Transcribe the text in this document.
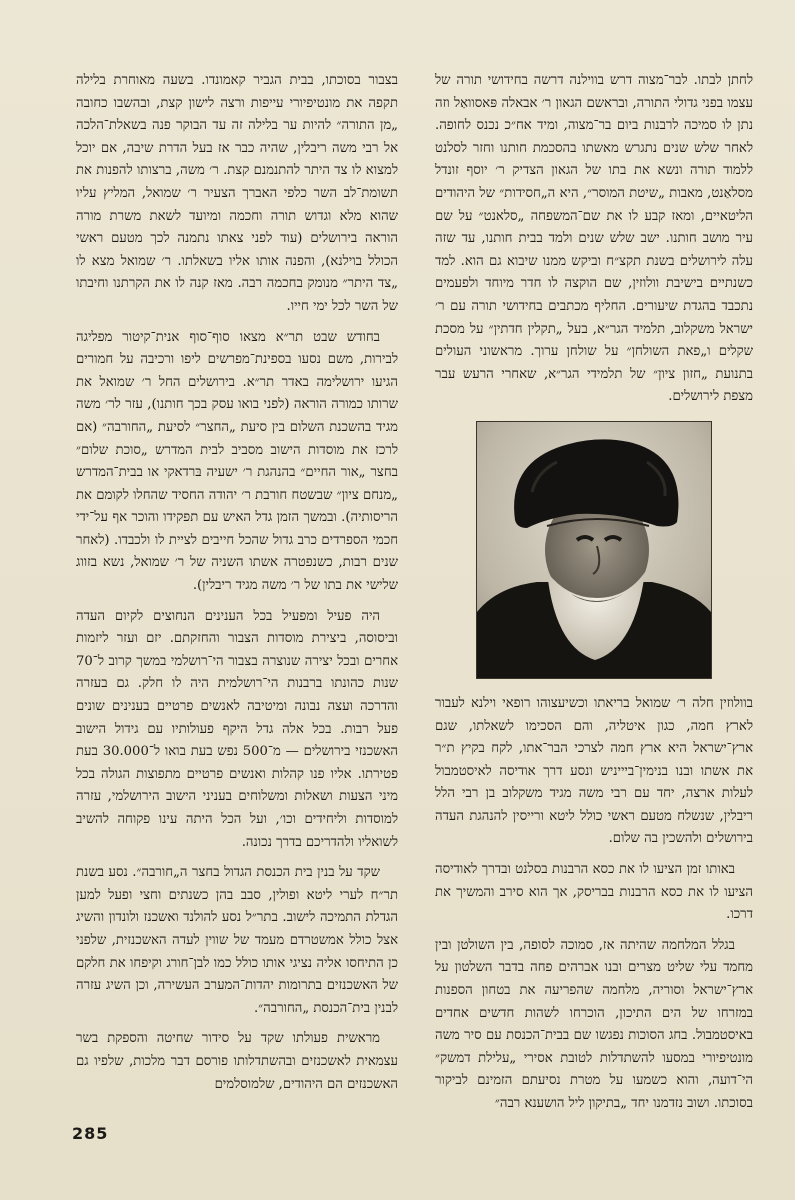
לחתן לבתו. לבר־מצוה דרש בווילנה דרשה בחידושי תורה של עצמו בפני גדולי התורה, ובראשם הגאון ר׳ אבאלה פּאסוואַל וזה נתן לו סמיכה לרבנות ביום בר־מצוה, ומיד אח״כ נכנס לחופה. לאחר שלש שנים נתגרש מאשתו בהסכמת חותנו וחזר לסלנט ללמוד תורה ונשא את בתו של הגאון הצדיק ר׳ יוסף זונדל מסלאַנט, מאבות „שיטת המוסר״, היא ה„חסידות״ של היהודים הליטאיים, ומאז קבע לו את שם־המשפחה „סלאנט״ על שם עיר מושב חותנו. ישב שלש שנים ולמד בבית חותנו, עד שזה עלה לירושלים בשנת תקצ״ח וביקש ממנו שיבוא גם הוא. למד כשנתיים בישיבת וולוזין, שם הוקצה לו חדר מיוחד ולפעמים נתכבד בהגדת שיעורים. החליף מכתבים בחידושי תורה עם ר׳ ישראל משקלוב, תלמיד הגר״א, בעל „תקלין חדתין״ על מסכת שקלים ו„פאת השולחן״ על שולחן ערוך. מראשוני העולים בתנועת „חזון ציון״ של תלמידי הגר״א, שאחרי הרעש עבר מצפת לירושלים.

בוולוזין חלה ר׳ שמואל בריאתו וכשיעצוהו רופאי וילנא לעבור לארץ חמה, כגון איטליה, והם הסכימו לשאלתו, שגם ארץ־ישראל היא ארץ חמה לצרכי הבר־אתו, לקח בקיץ ת״ר את אשתו ובנו בנימין־ביייניש ונסע דרך אודיסה לאיסטמבול לעלות ארצה, יחד עם רבי משה מגיד משקלוב בן רבי הלל ריבלין, שנשלח מטעם ראשי כולל ליטא ורייסין להנהגת העדה בירושלים ולהשכין בה שלום.

באותו זמן הציעו לו את כסא הרבנות בסלנט ובדרך לאודיסה הציעו לו את כסא הרבנות בבריסק, אך הוא סירב והמשיך את דרכו.

בגלל המלחמה שהיתה אז, סמוכה לסופה, בין השולטן ובין מחמד עלי שליט מצרים ובנו אברהים פחה בדבר השלטון על ארץ־ישראל וסוריה, מלחמה שהפריעה את בטחון הספנות במזרחו של הים התיכון, הוכרחו לשהות חדשים אחדים באיסטמבול. בחג הסוכות נפגשו שם בבית־הכנסת עם סיר משה מונטיפיורי במסעו להשתדלות לטובת אסירי „עלילת דמשק״ הי־דועה, והוא כשמעו על מטרת נסיעתם הזמינם לביקור בסוכתו. ושוב נזדמנו יחד „בתיקון ליל הושענא רבה״

בצבור בסוכתו, בבית הגביר קאמונדו. בשעה מאוחרת בלילה תקפה את מונטיפיורי עייפות ורצה לישון קצת, ובהשבו כחובה „מן התורה״ להיות ער בלילה זה עד הבוקר פנה בשאלת־הלכה אל רבי משה ריבלין, שהיה כבר אז בעל הדרת שיבה, אם יוכל למצוא לו צד היתר להתנמנם קצת. ר׳ משה, ברצותו להפנות את תשומת־לב השר כלפי האברך הצעיר ר׳ שמואל, המליץ עליו שהוא מלא וגדוש תורה וחכמה ומיועד לשאת משרת מורה הוראה בירושלים (עוד לפני צאתו נתמנה לכך מטעם ראשי הכולל בוילנא), והפנה אותו אליו בשאלתו. ר׳ שמואל מצא לו „צד היתר״ מנומק בחכמה רבה. מאז קנה לו את הקרתנו וחיבתו של השר לכל ימי חייו.

בחודש שבט תר״א מצאו סוף־סוף אנית־קיטור מפליגה לבירות, משם נסעו בספינת־מפרשים ליפו ורכיבה על חמורים הגיעו ירושלימה באדר תר״א. בירושלים החל ר׳ שמואל את שרותו כמורה הוראה (לפני בואו עסק בכך חותנו), עזר לר׳ משה מגיד בהשכנת השלום בין סיעת „החצר״ לסיעת „החורבה״ (אם לרכז את מוסדות הישוב מסביב לבית המדרש „סוכת שלום״ בחצר „אור החיים״ בהנהגת ר׳ ישעיה בּרדאקי או בבית־המדרש „מנחם ציון״ שבשטח חורבת ר׳ יהודה החסיד שהחלו לקומם את הריסותיה). ובמשך הזמן גדל האיש עם תפקידו והוכר אף על־ידי חכמי הספרדים כרב גדול שהכל חייבים לציית לו ולכבדו. (לאחר שנים רבות, כשנפטרה אשתו השניה של ר׳ שמואל, נשא בזווג שלישי את בתו של ר׳ משה מגיד ריבלין).

היה פעיל ומפעיל בכל הענינים הנחוצים לקיום העדה וביסוסה, ביצירת מוסדות הצבור והחזקתם. יזם ועזר ליזמות אחרים ובכל יצירה שנוצרה בצבור הי־רושלמי במשך קרוב ל־70 שנות כהונתו ברבנות הי־רושלמית היה לו חלק. גם בעזרה והדרכה ועצה נבונה ומיטיבה לאנשים פרטיים בענינים שונים פעל רבות. בכל אלה גדל היקף פעולותיו עם גידול הישוב האשכנזי בירושלים — מ־500 נפש בעת בואו ל־30.000 בעת פטירתו. אליו פנו קהלות ואנשים פרטיים מתפוצות הגולה בכל מיני הצעות ושאלות ומשלוחים בעניני הישוב הירושלמי, עזרה למוסדות וליחידים וכו׳, ועל הכל היתה עינו פקוחה להשיב לשואליו ולהדריכם בדרך נכונה.

שקד על בנין בית הכנסת הגדול בחצר ה„חורבה״. נסע בשנת תר״ח לערי ליטא ופולין, סבב בהן כשנתים וחצי ופעל למען הגדלת התמיכה לישוב. בתר״ל נסע להולנד ואשכנז ולונדון והשיג אצל כולל אמשטרדם מעמד של שווין לעדה האשכנזית, שלפני כן התיחסו אליה נציגי אותו כולל כמו לבן־חורג וקיפחו את חלקם של האשכנזים בתרומות יהדות־המערב העשירה, וכן השיג עזרה לבנין בית־הכנסת „החורבה״.

מראשית פעולתו שקד על סידור שחיטה והספקת בשר עצמאית לאשכנזים ובהשתדלותו פורסם דבר מלכות, שלפיו גם האשכנזים הם היהודים, שלמוסלמים

285
